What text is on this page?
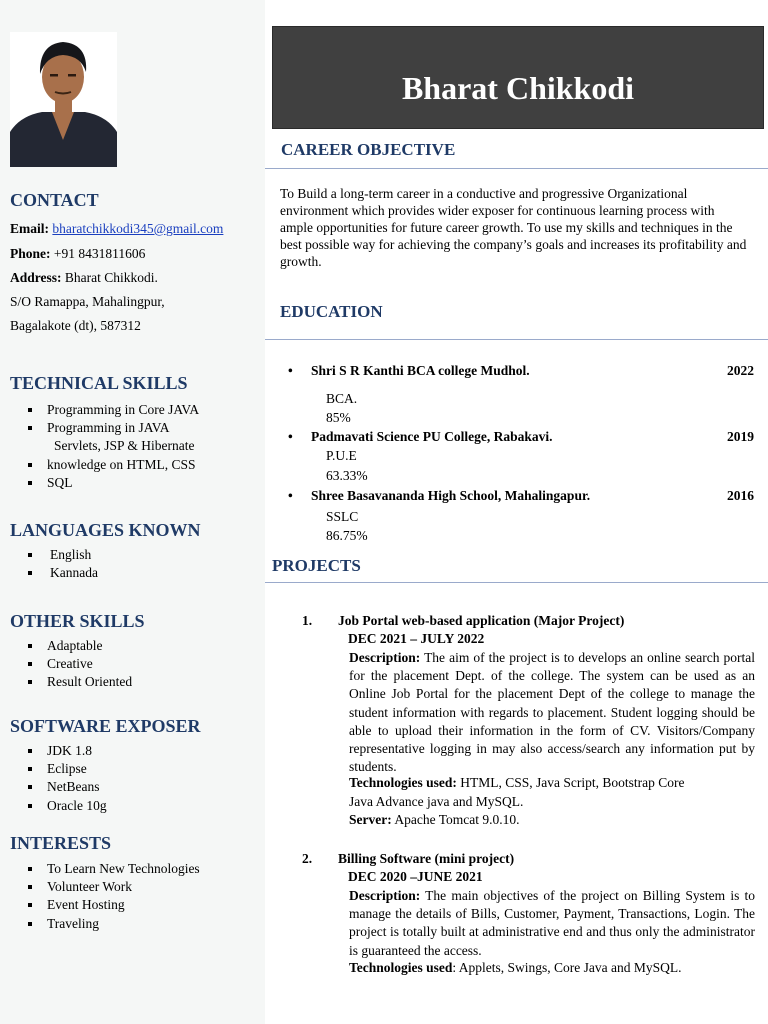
CONTACT
Email: bharatchikkodi345@gmail.com
Phone: +91 8431811606
Address: Bharat Chikkodi.
S/O Ramappa, Mahalingpur,
Bagalakote (dt), 587312
TECHNICAL SKILLS
Programming in Core JAVA
Programming in JAVA
Servlets, JSP & Hibernate
knowledge on HTML, CSS
SQL
LANGUAGES KNOWN
English
Kannada
OTHER SKILLS
Adaptable
Creative
Result Oriented
SOFTWARE EXPOSER
JDK 1.8
Eclipse
NetBeans
Oracle 10g
INTERESTS
To Learn New Technologies
Volunteer Work
Event Hosting
Traveling
Bharat Chikkodi
CAREER OBJECTIVE

To Build a long-term career in a conductive and progressive Organizational environment which provides wider exposer for continuous learning process with ample opportunities for future career growth. To use my skills and techniques in the best possible way for achieving the company’s goals and increases its profitability and growth.

EDUCATION
• Shri S R Kanthi BCA college Mudhol.	2022
BCA.
85%
• Padmavati Science PU College, Rabakavi.	2019
P.U.E
63.33%
• Shree Basavananda High School, Mahalingapur.	2016
SSLC
86.75%
PROJECTS
1. Job Portal web-based application (Major Project)
DEC 2021 – JULY 2022

Description: The aim of the project is to develops an online search portal for the placement Dept. of the college. The system can be used as an Online Job Portal for the placement Dept of the college to manage the student information with regards to placement. Student logging should be able to upload their information in the form of CV. Visitors/Company representative logging in may also access/search any information put by students.

Technologies used: HTML, CSS, Java Script, Bootstrap Core
Java Advance java and MySQL.
Server: Apache Tomcat 9.0.10.
2. Billing Software (mini project)
DEC 2020 –JUNE 2021

Description: The main objectives of the project on Billing System is to manage the details of Bills, Customer, Payment, Transactions, Login. The project is totally built at administrative end and thus only the administrator is guaranteed the access.

Technologies used: Applets, Swings, Core Java and MySQL.
